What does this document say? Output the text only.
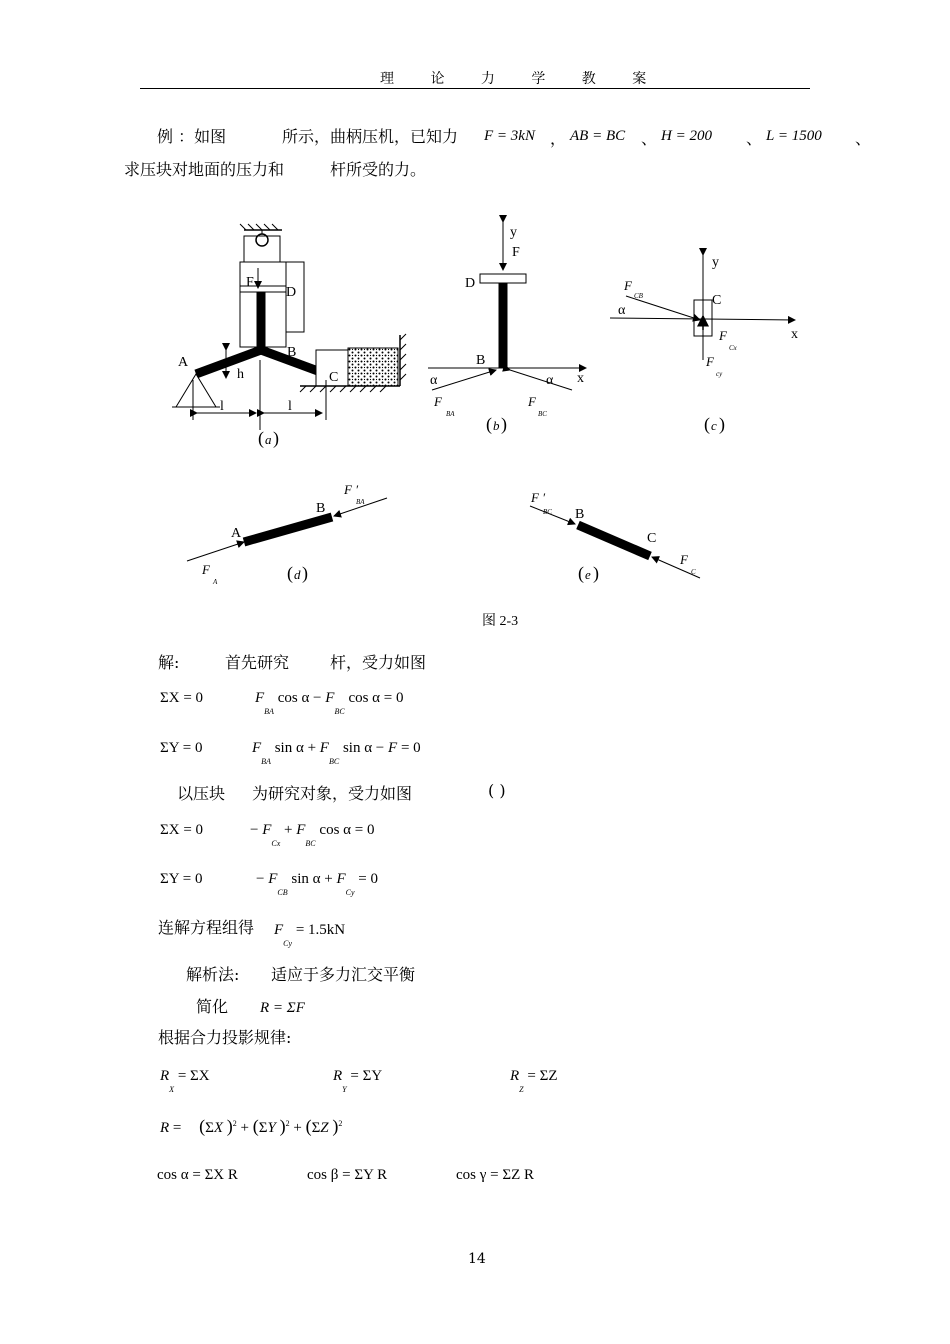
理 论 力 学 教 案
例 ：如图	所示，曲柄压机，已知力 F = 3kN ， AB = BC 、 H = 200 、 L = 1500 、
求压块对地面的压力和	杆所受的力。
F
D
A
B
C
h
l	l
( a )
y
F
D
B
x
α	α
F
BA
F
BC
( b )
y
C
x
α
F
CB
F
Cx
F
cy
( c )
A
B
F ′
BA
F
A	( d )
F ′
BC B
C
F
C
( e )
图 2-3
解:	首先研究	杆，受力如图
ΣX = 0	$F_{BA}$ $\cos \alpha - F_{BC}$ cos α = 0
ΣY = 0	$F_{BA}$ $\sin \alpha + F_{BC}$ sin α − F = 0
以压块 为研究对象，受力如图	( )
ΣX = 0	− $F_{Cx} + F_{BC}$ cos α = 0
ΣY = 0	− $F_{CB}$ $\sin \alpha + F_{Cy} = 0$
连解方程组得 $F_{Cy} = 1.5kN$
解析法: 适应于多力汇交平衡
简化 R = ΣF
根据合力投影规律:
$R_X = \Sigma X$	$R_Y = \Sigma Y$	$R_Z = \Sigma Z$
R = (ΣX )$^2$ + (ΣY )$^2$ + (ΣZ )$^2$
cos α = ΣX R	cos β = ΣY R	cos γ = ΣZ R
14
